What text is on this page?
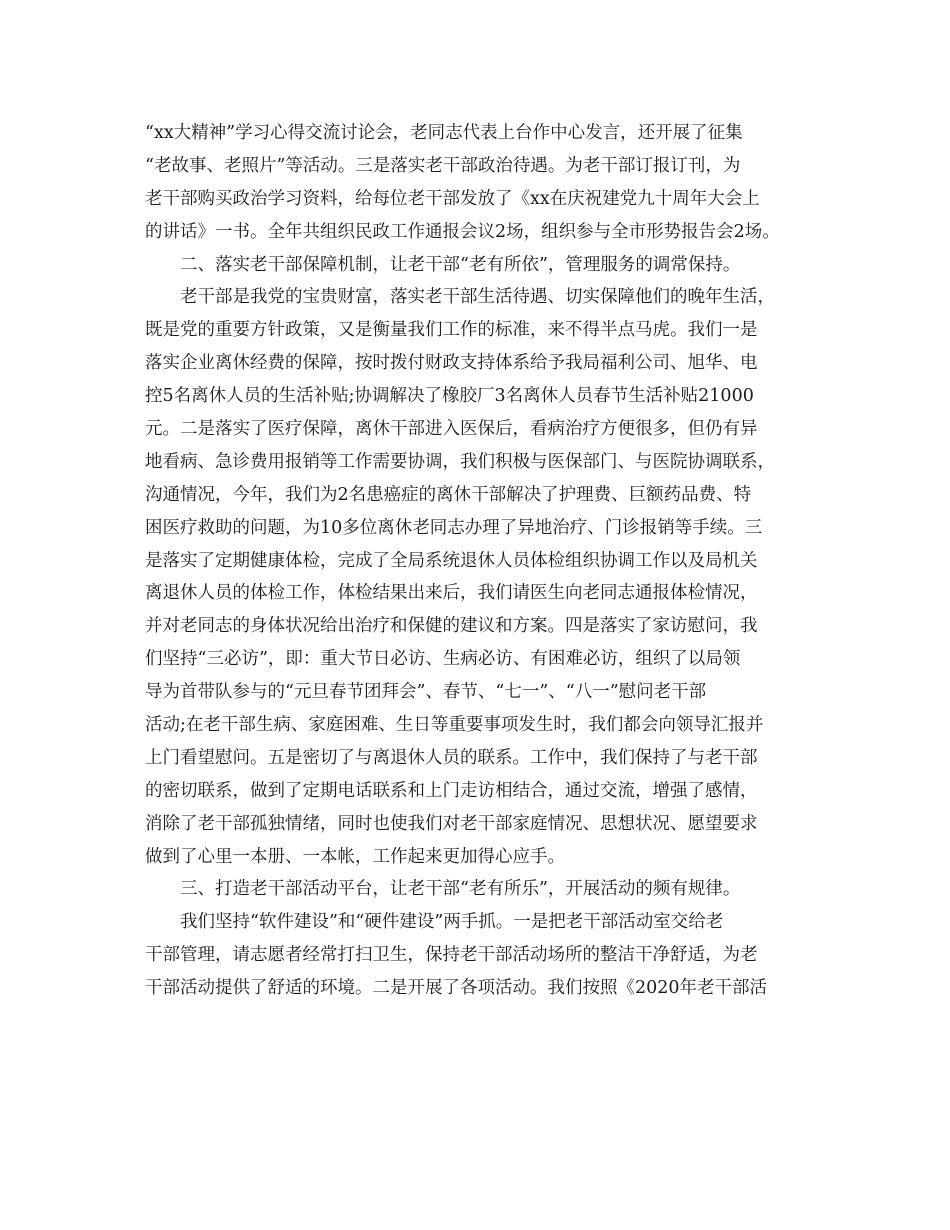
“xx大精神”学习心得交流讨论会，老同志代表上台作中心发言，还开展了征集
“老故事、老照片”等活动。三是落实老干部政治待遇。为老干部订报订刊，为
老干部购买政治学习资料，给每位老干部发放了《xx在庆祝建党九十周年大会上
的讲话》一书。全年共组织民政工作通报会议2场，组织参与全市形势报告会2场。
二、落实老干部保障机制，让老干部“老有所依”，管理服务的调常保持。
老干部是我党的宝贵财富，落实老干部生活待遇、切实保障他们的晚年生活，
既是党的重要方针政策，又是衡量我们工作的标准，来不得半点马虎。我们一是
落实企业离休经费的保障，按时拨付财政支持体系给予我局福利公司、旭华、电
控5名离休人员的生活补贴;协调解决了橡胶厂3名离休人员春节生活补贴21000
元。二是落实了医疗保障，离休干部进入医保后，看病治疗方便很多，但仍有异
地看病、急诊费用报销等工作需要协调，我们积极与医保部门、与医院协调联系，
沟通情况，今年，我们为2名患癌症的离休干部解决了护理费、巨额药品费、特
困医疗救助的问题，为10多位离休老同志办理了异地治疗、门诊报销等手续。三
是落实了定期健康体检，完成了全局系统退休人员体检组织协调工作以及局机关
离退休人员的体检工作，体检结果出来后，我们请医生向老同志通报体检情况，
并对老同志的身体状况给出治疗和保健的建议和方案。四是落实了家访慰问，我
们坚持“三必访”，即：重大节日必访、生病必访、有困难必访，组织了以局领
导为首带队参与的“元旦春节团拜会”、春节、“七一”、“八一”慰问老干部
活动;在老干部生病、家庭困难、生日等重要事项发生时，我们都会向领导汇报并
上门看望慰问。五是密切了与离退休人员的联系。工作中，我们保持了与老干部
的密切联系，做到了定期电话联系和上门走访相结合，通过交流，增强了感情，
消除了老干部孤独情绪，同时也使我们对老干部家庭情况、思想状况、愿望要求
做到了心里一本册、一本帐，工作起来更加得心应手。
三、打造老干部活动平台，让老干部“老有所乐”，开展活动的频有规律。
我们坚持“软件建设”和“硬件建设”两手抓。一是把老干部活动室交给老
干部管理，请志愿者经常打扫卫生，保持老干部活动场所的整洁干净舒适，为老
干部活动提供了舒适的环境。二是开展了各项活动。我们按照《2020年老干部活
